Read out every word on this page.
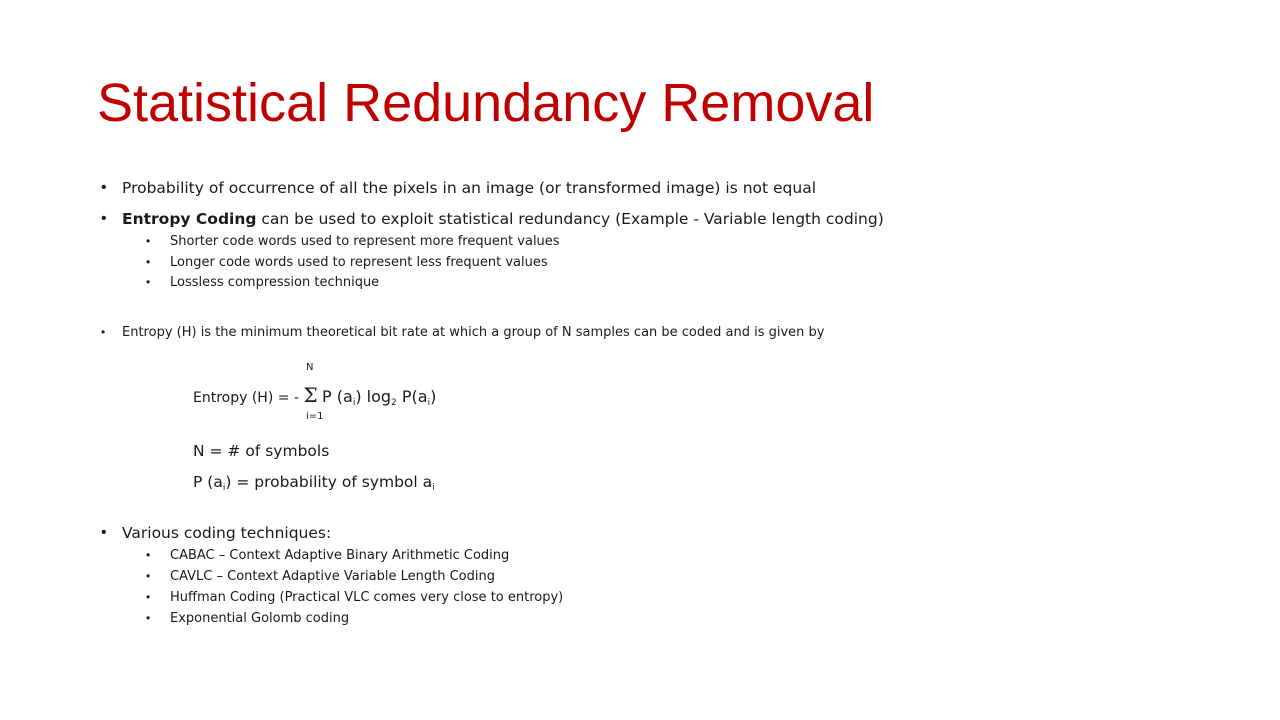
Statistical Redundancy Removal
• Probability of occurrence of all the pixels in an image (or transformed image) is not equal
• Entropy Coding can be used to exploit statistical redundancy (Example - Variable length coding)
• Shorter code words used to represent more frequent values
• Longer code words used to represent less frequent values
• Lossless compression technique
• Entropy (H) is the minimum theoretical bit rate at which a group of N samples can be coded and is given by
N
Entropy (H) = - Σ P $(a_i)$ $\log_2 P(a_i)$
i=1
N = # of symbols
P $(a_i)$ = probability of symbol $a_i$
• Various coding techniques:
• CABAC – Context Adaptive Binary Arithmetic Coding
• CAVLC – Context Adaptive Variable Length Coding
• Huffman Coding (Practical VLC comes very close to entropy)
• Exponential Golomb coding
